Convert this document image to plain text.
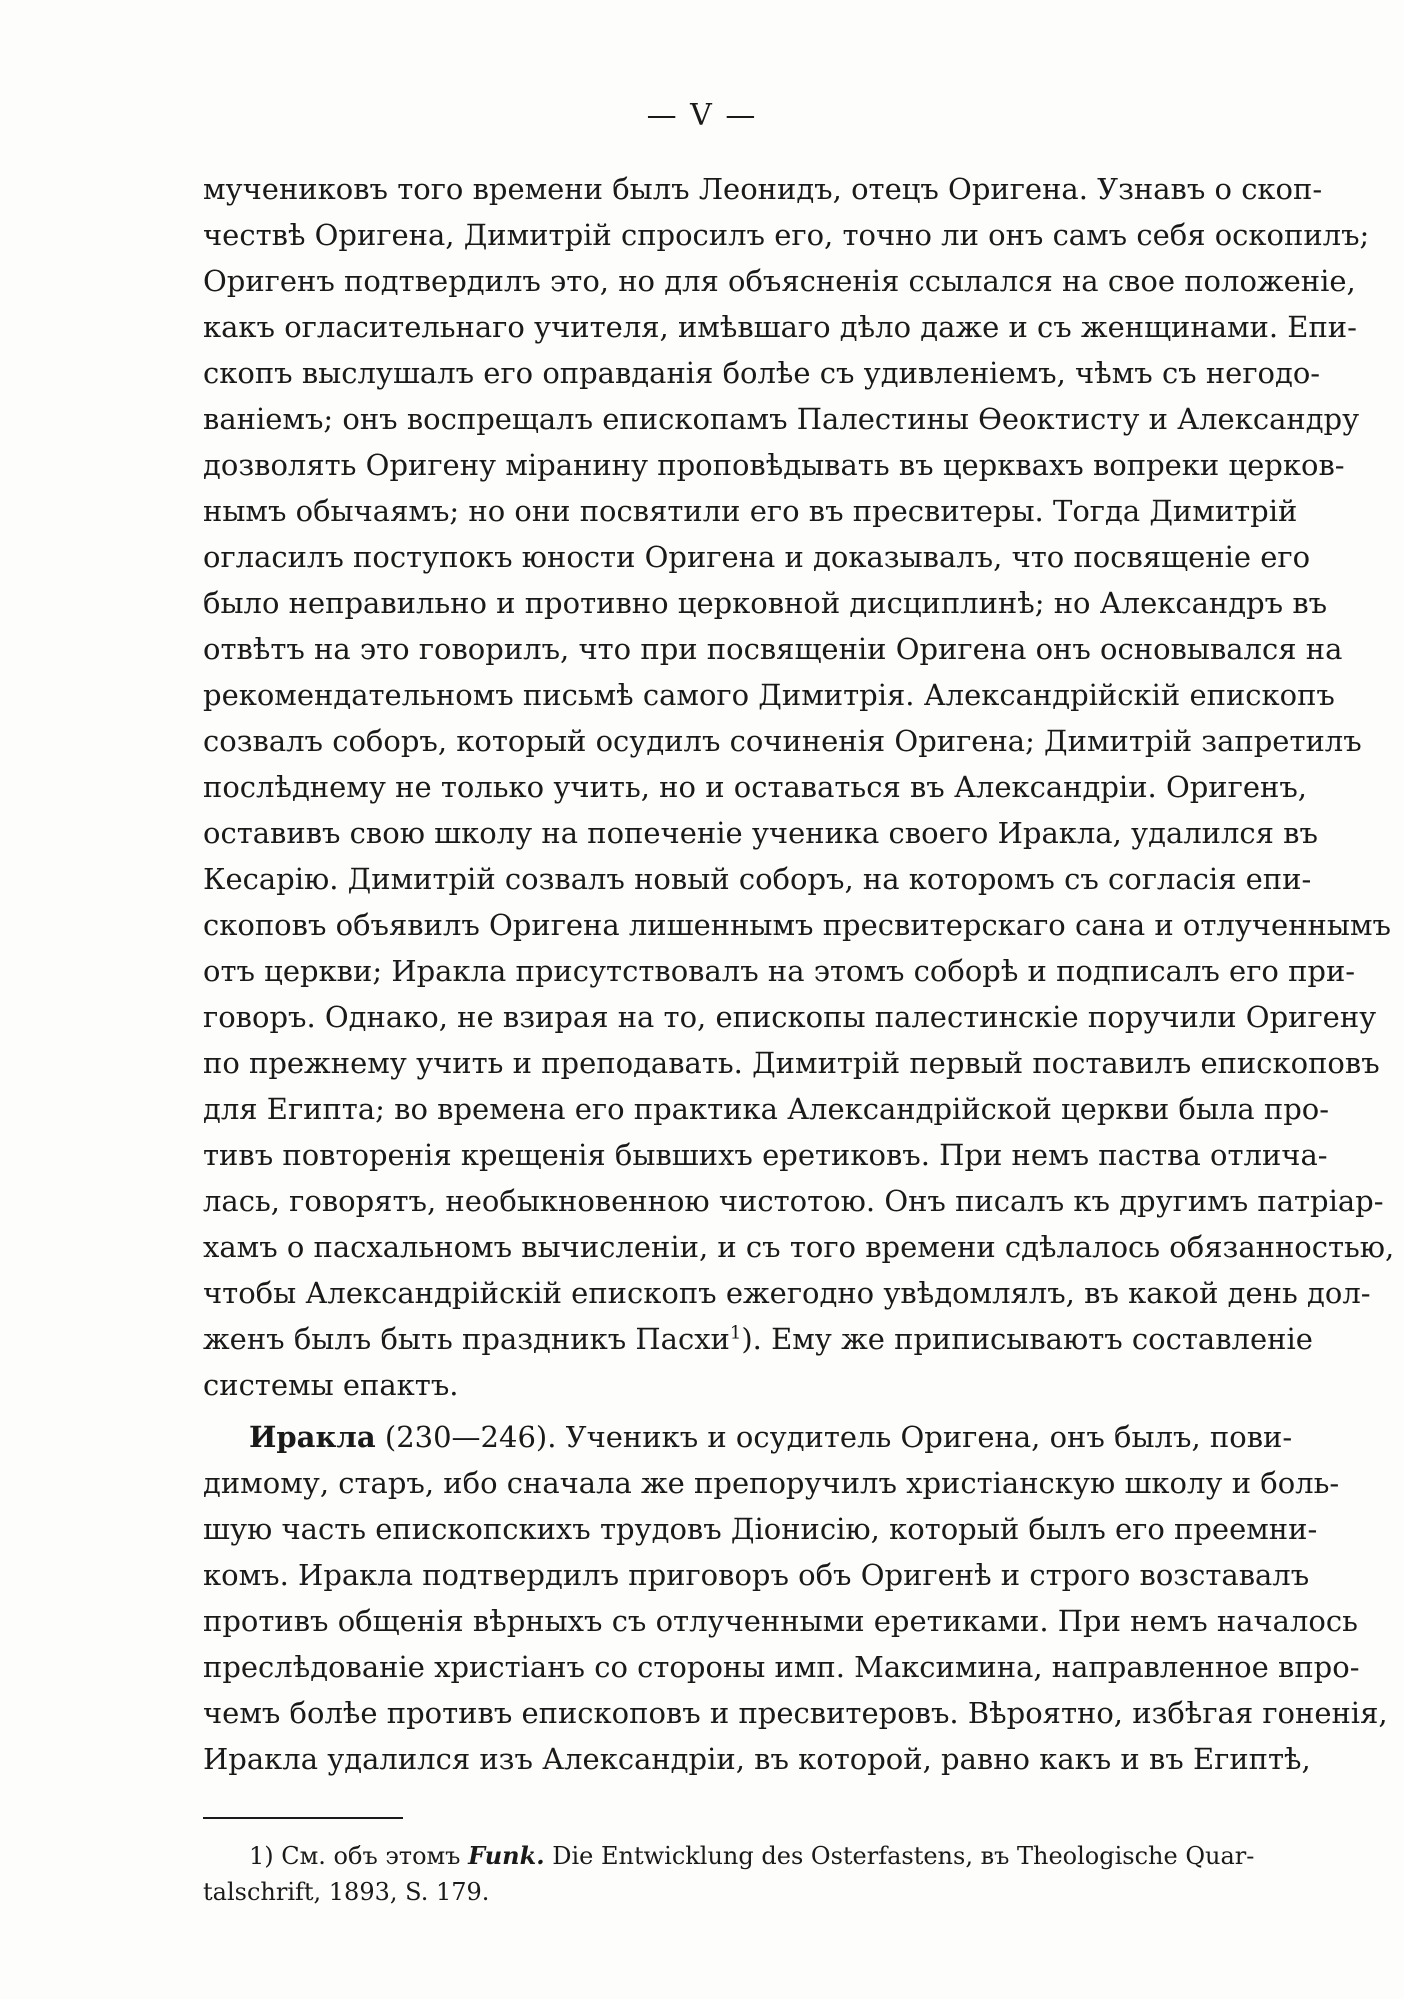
— V —
мучениковъ того времени былъ Леонидъ, отецъ Оригена. Узнавъ о скоп-
чествѣ Оригена, Димитрій спросилъ его, точно ли онъ самъ себя оскопилъ;
Оригенъ подтвердилъ это, но для объясненія ссылался на свое положеніе,
какъ огласительнаго учителя, имѣвшаго дѣло даже и съ женщинами. Епи-
скопъ выслушалъ его оправданія болѣе съ удивленіемъ, чѣмъ съ негодо-
ваніемъ; онъ воспрещалъ епископамъ Палестины Ѳеоктисту и Александру
дозволять Оригену міранину проповѣдывать въ церквахъ вопреки церков-
нымъ обычаямъ; но они посвятили его въ пресвитеры. Тогда Димитрій
огласилъ поступокъ юности Оригена и доказывалъ, что посвященіе его
было неправильно и противно церковной дисциплинѣ; но Александръ въ
отвѣтъ на это говорилъ, что при посвященіи Оригена онъ основывался на
рекомендательномъ письмѣ самого Димитрія. Александрійскій епископъ
созвалъ соборъ, который осудилъ сочиненія Оригена; Димитрій запретилъ
послѣднему не только учить, но и оставаться въ Александріи. Оригенъ,
оставивъ свою школу на попеченіе ученика своего Иракла, удалился въ
Кесарію. Димитрій созвалъ новый соборъ, на которомъ съ согласія епи-
скоповъ объявилъ Оригена лишеннымъ пресвитерскаго сана и отлученнымъ
отъ церкви; Иракла присутствовалъ на этомъ соборѣ и подписалъ его при-
говоръ. Однако, не взирая на то, епископы палестинскіе поручили Оригену
по прежнему учить и преподавать. Димитрій первый поставилъ епископовъ
для Египта; во времена его практика Александрійской церкви была про-
тивъ повторенія крещенія бывшихъ еретиковъ. При немъ паства отлича-
лась, говорятъ, необыкновенною чистотою. Онъ писалъ къ другимъ патріар-
хамъ о пасхальномъ вычисленіи, и съ того времени сдѣлалось обязанностью,
чтобы Александрійскій епископъ ежегодно увѣдомлялъ, въ какой день дол-
женъ былъ быть праздникъ Пасхи$^1$). Ему же приписываютъ составленіе
системы епактъ.
Иракла (230—246). Ученикъ и осудитель Оригена, онъ былъ, пови-
димому, старъ, ибо сначала же препоручилъ христіанскую школу и боль-
шую часть епископскихъ трудовъ Діонисію, который былъ его преемни-
комъ. Иракла подтвердилъ приговоръ объ Оригенѣ и строго возставалъ
противъ общенія вѣрныхъ съ отлученными еретиками. При немъ началось
преслѣдованіе христіанъ со стороны имп. Максимина, направленное впро-
чемъ болѣе противъ епископовъ и пресвитеровъ. Вѣроятно, избѣгая гоненія,
Иракла удалился изъ Александріи, въ которой, равно какъ и въ Египтѣ,
1) См. объ этомъ Funk. Die Entwicklung des Osterfastens, въ Theologische Quar-
talschrift, 1893, S. 179.
